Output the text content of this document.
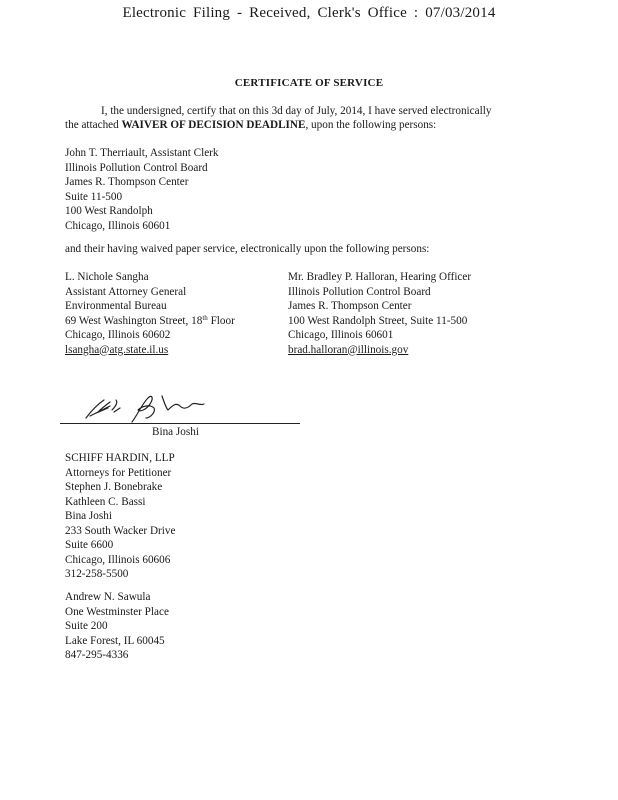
Electronic Filing - Received, Clerk's Office : 07/03/2014
CERTIFICATE OF SERVICE
I, the undersigned, certify that on this 3d day of July, 2014, I have served electronically
the attached WAIVER OF DECISION DEADLINE, upon the following persons:
John T. Therriault, Assistant Clerk
Illinois Pollution Control Board
James R. Thompson Center
Suite 11-500
100 West Randolph
Chicago, Illinois 60601
and their having waived paper service, electronically upon the following persons:
L. Nichole Sangha
Assistant Attorney General
Environmental Bureau
69 West Washington Street, 18th Floor
Chicago, Illinois 60602
lsangha@atg.state.il.us
Mr. Bradley P. Halloran, Hearing Officer
Illinois Pollution Control Board
James R. Thompson Center
100 West Randolph Street, Suite 11-500
Chicago, Illinois 60601
brad.halloran@illinois.gov
Bina Joshi
SCHIFF HARDIN, LLP
Attorneys for Petitioner
Stephen J. Bonebrake
Kathleen C. Bassi
Bina Joshi
233 South Wacker Drive
Suite 6600
Chicago, Illinois 60606
312-258-5500
Andrew N. Sawula
One Westminster Place
Suite 200
Lake Forest, IL 60045
847-295-4336
